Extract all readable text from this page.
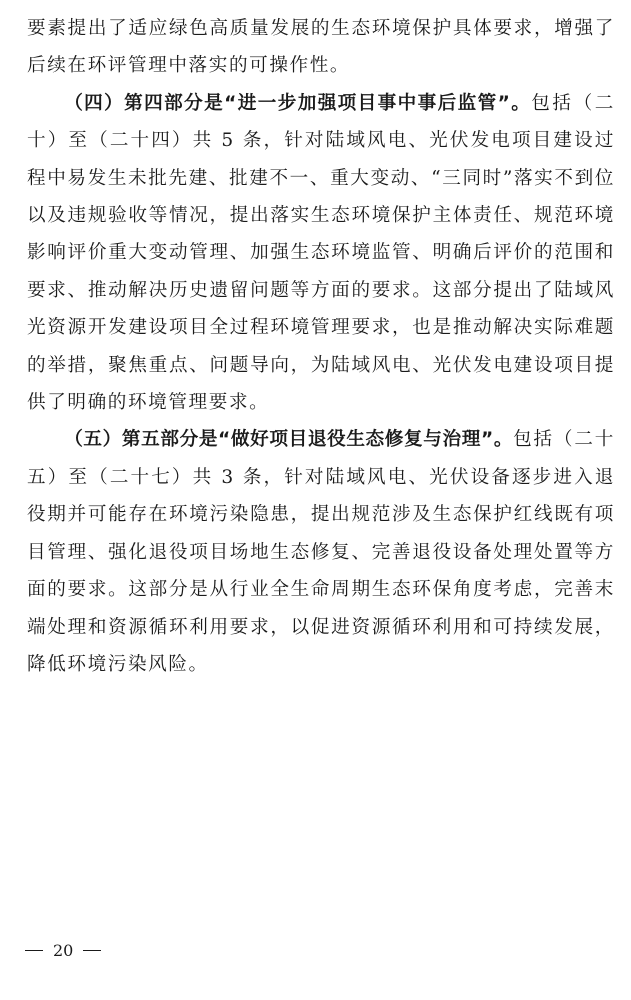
要素提出了适应绿色高质量发展的生态环境保护具体要求，增强了后续在环评管理中落实的可操作性。

（四）第四部分是“进一步加强项目事中事后监管”。包括（二十）至（二十四）共 5 条，针对陆域风电、光伏发电项目建设过程中易发生未批先建、批建不一、重大变动、“三同时”落实不到位以及违规验收等情况，提出落实生态环境保护主体责任、规范环境影响评价重大变动管理、加强生态环境监管、明确后评价的范围和要求、推动解决历史遗留问题等方面的要求。这部分提出了陆域风光资源开发建设项目全过程环境管理要求，也是推动解决实际难题的举措，聚焦重点、问题导向，为陆域风电、光伏发电建设项目提供了明确的环境管理要求。

（五）第五部分是“做好项目退役生态修复与治理”。包括（二十五）至（二十七）共 3 条，针对陆域风电、光伏设备逐步进入退役期并可能存在环境污染隐患，提出规范涉及生态保护红线既有项目管理、强化退役项目场地生态修复、完善退役设备处理处置等方面的要求。这部分是从行业全生命周期生态环保角度考虑，完善末端处理和资源循环利用要求，以促进资源循环利用和可持续发展，降低环境污染风险。

20
